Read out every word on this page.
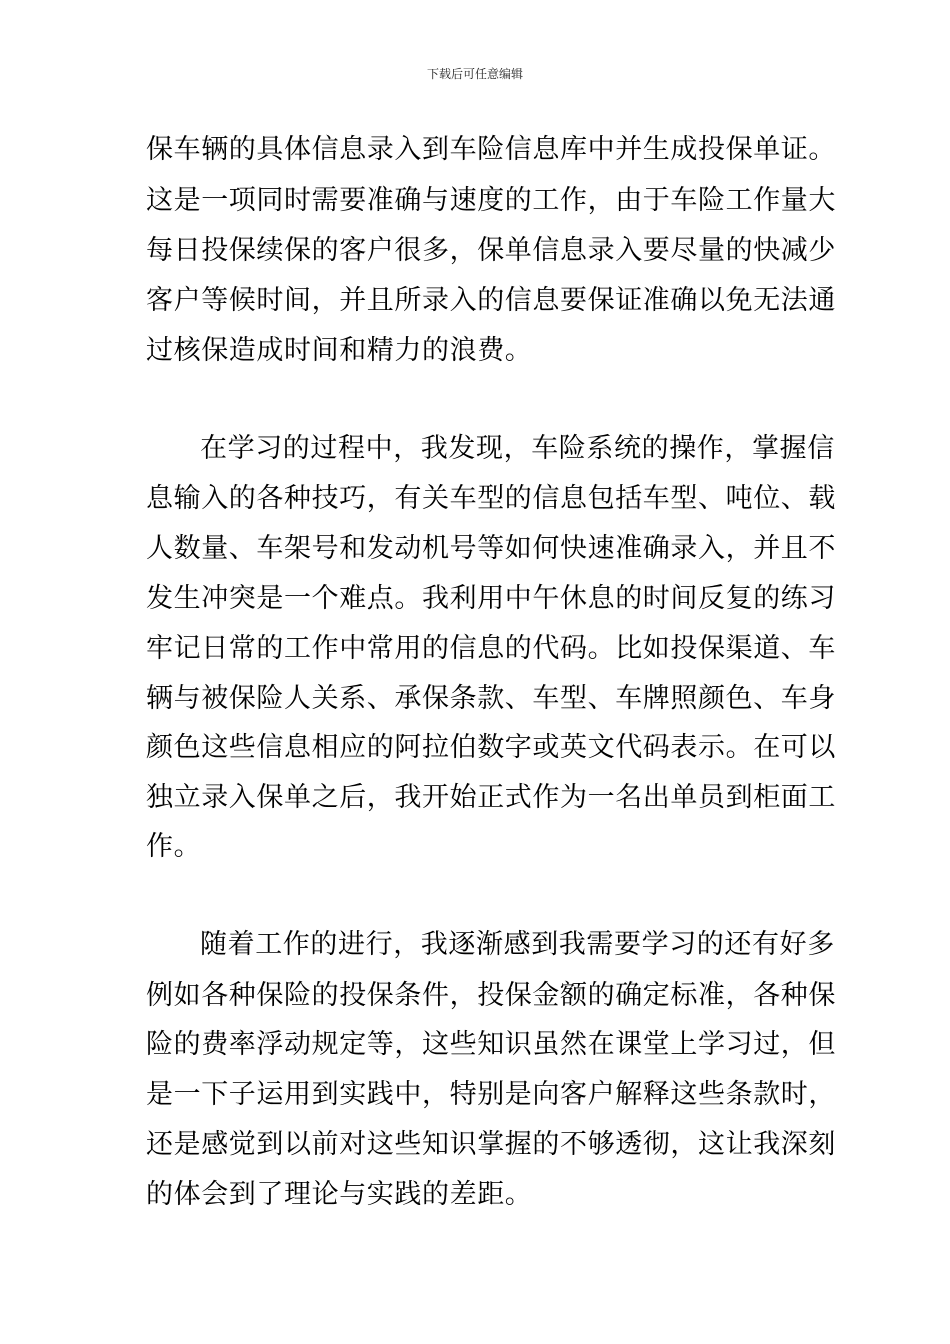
下载后可任意编辑
保车辆的具体信息录入到车险信息库中并生成投保单证。
这是一项同时需要准确与速度的工作，由于车险工作量大
每日投保续保的客户很多，保单信息录入要尽量的快减少
客户等候时间，并且所录入的信息要保证准确以免无法通
过核保造成时间和精力的浪费。
在学习的过程中，我发现，车险系统的操作，掌握信
息输入的各种技巧，有关车型的信息包括车型、吨位、载
人数量、车架号和发动机号等如何快速准确录入，并且不
发生冲突是一个难点。我利用中午休息的时间反复的练习
牢记日常的工作中常用的信息的代码。比如投保渠道、车
辆与被保险人关系、承保条款、车型、车牌照颜色、车身
颜色这些信息相应的阿拉伯数字或英文代码表示。在可以
独立录入保单之后，我开始正式作为一名出单员到柜面工
作。
随着工作的进行，我逐渐感到我需要学习的还有好多
例如各种保险的投保条件，投保金额的确定标准，各种保
险的费率浮动规定等，这些知识虽然在课堂上学习过，但
是一下子运用到实践中，特别是向客户解释这些条款时，
还是感觉到以前对这些知识掌握的不够透彻，这让我深刻
的体会到了理论与实践的差距。
